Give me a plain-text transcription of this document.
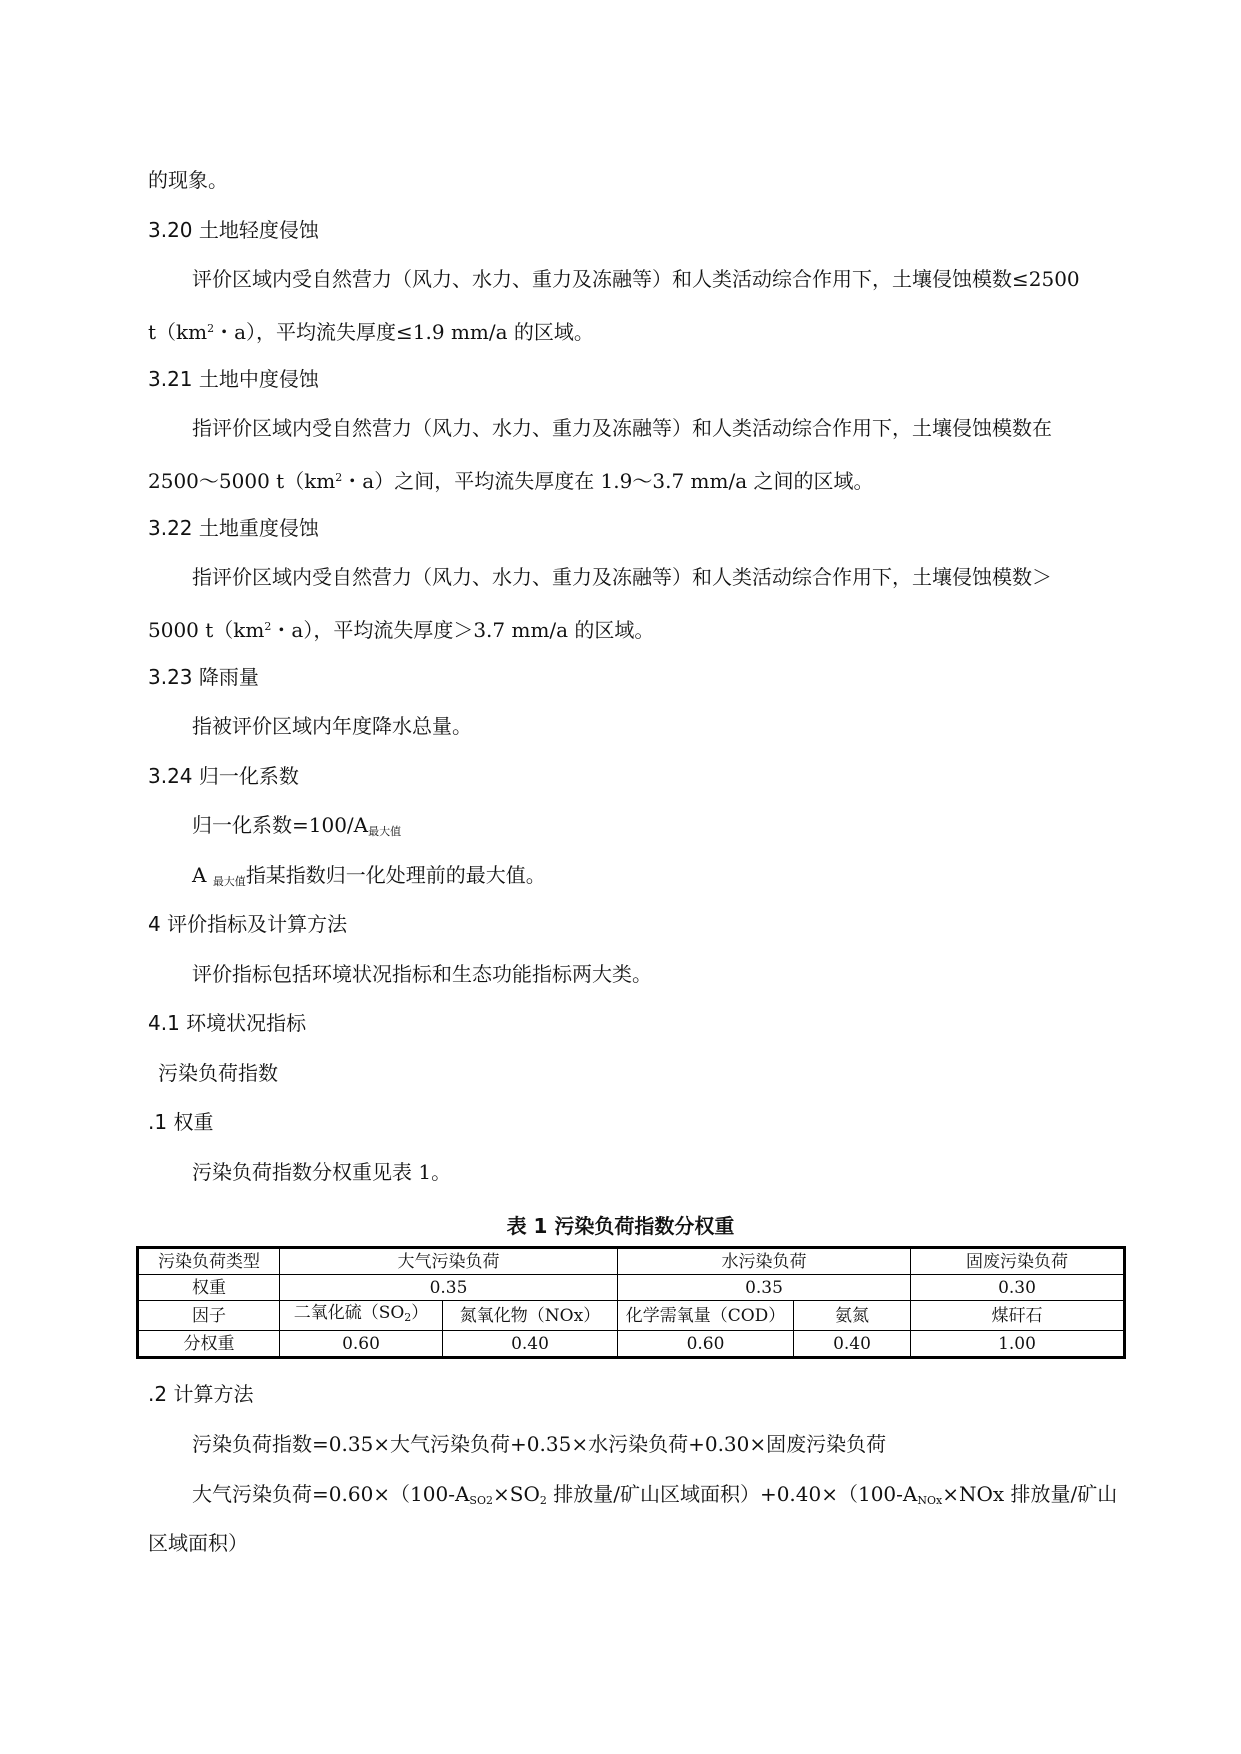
的现象。
3.20 土地轻度侵蚀
评价区域内受自然营力（风力、水力、重力及冻融等）和人类活动综合作用下，土壤侵蚀模数≤2500
$t(km^2$・a），平均流失厚度≤1.9 mm/a 的区域。
3.21 土地中度侵蚀
指评价区域内受自然营力（风力、水力、重力及冻融等）和人类活动综合作用下，土壤侵蚀模数在
2500～5000 $t(km^2$・a）之间，平均流失厚度在 1.9～3.7 mm/a 之间的区域。
3.22 土地重度侵蚀
指评价区域内受自然营力（风力、水力、重力及冻融等）和人类活动综合作用下，土壤侵蚀模数＞
5000 $t(km^2$・a），平均流失厚度＞3.7 mm/a 的区域。
3.23 降雨量
指被评价区域内年度降水总量。
3.24 归一化系数
归一化系数=100/A最大值
A 最大值指某指数归一化处理前的最大值。
4 评价指标及计算方法
评价指标包括环境状况指标和生态功能指标两大类。
4.1 环境状况指标
污染负荷指数
.1 权重
污染负荷指数分权重见表 1。
表 1 污染负荷指数分权重
污染负荷类型	大气污染负荷		水污染负荷		固废污染负荷
权重	0.35		0.35		0.30
因子	二氧化硫$(SO_2)$	氮氧化物（NOx）	化学需氧量（COD）	氨氮	煤矸石
分权重	0.60	0.40	0.60	0.40	1.00
.2 计算方法
污染负荷指数=0.35×大气污染负荷+0.35×水污染负荷+0.30×固废污染负荷
大气污染负荷$=0.60\times(100-A_{SO2}\times SO_2$ 排放量/矿山区域面积）$+0.40\times(100-A_{NOx}\times NOx$ 排放量/矿山
区域面积）
